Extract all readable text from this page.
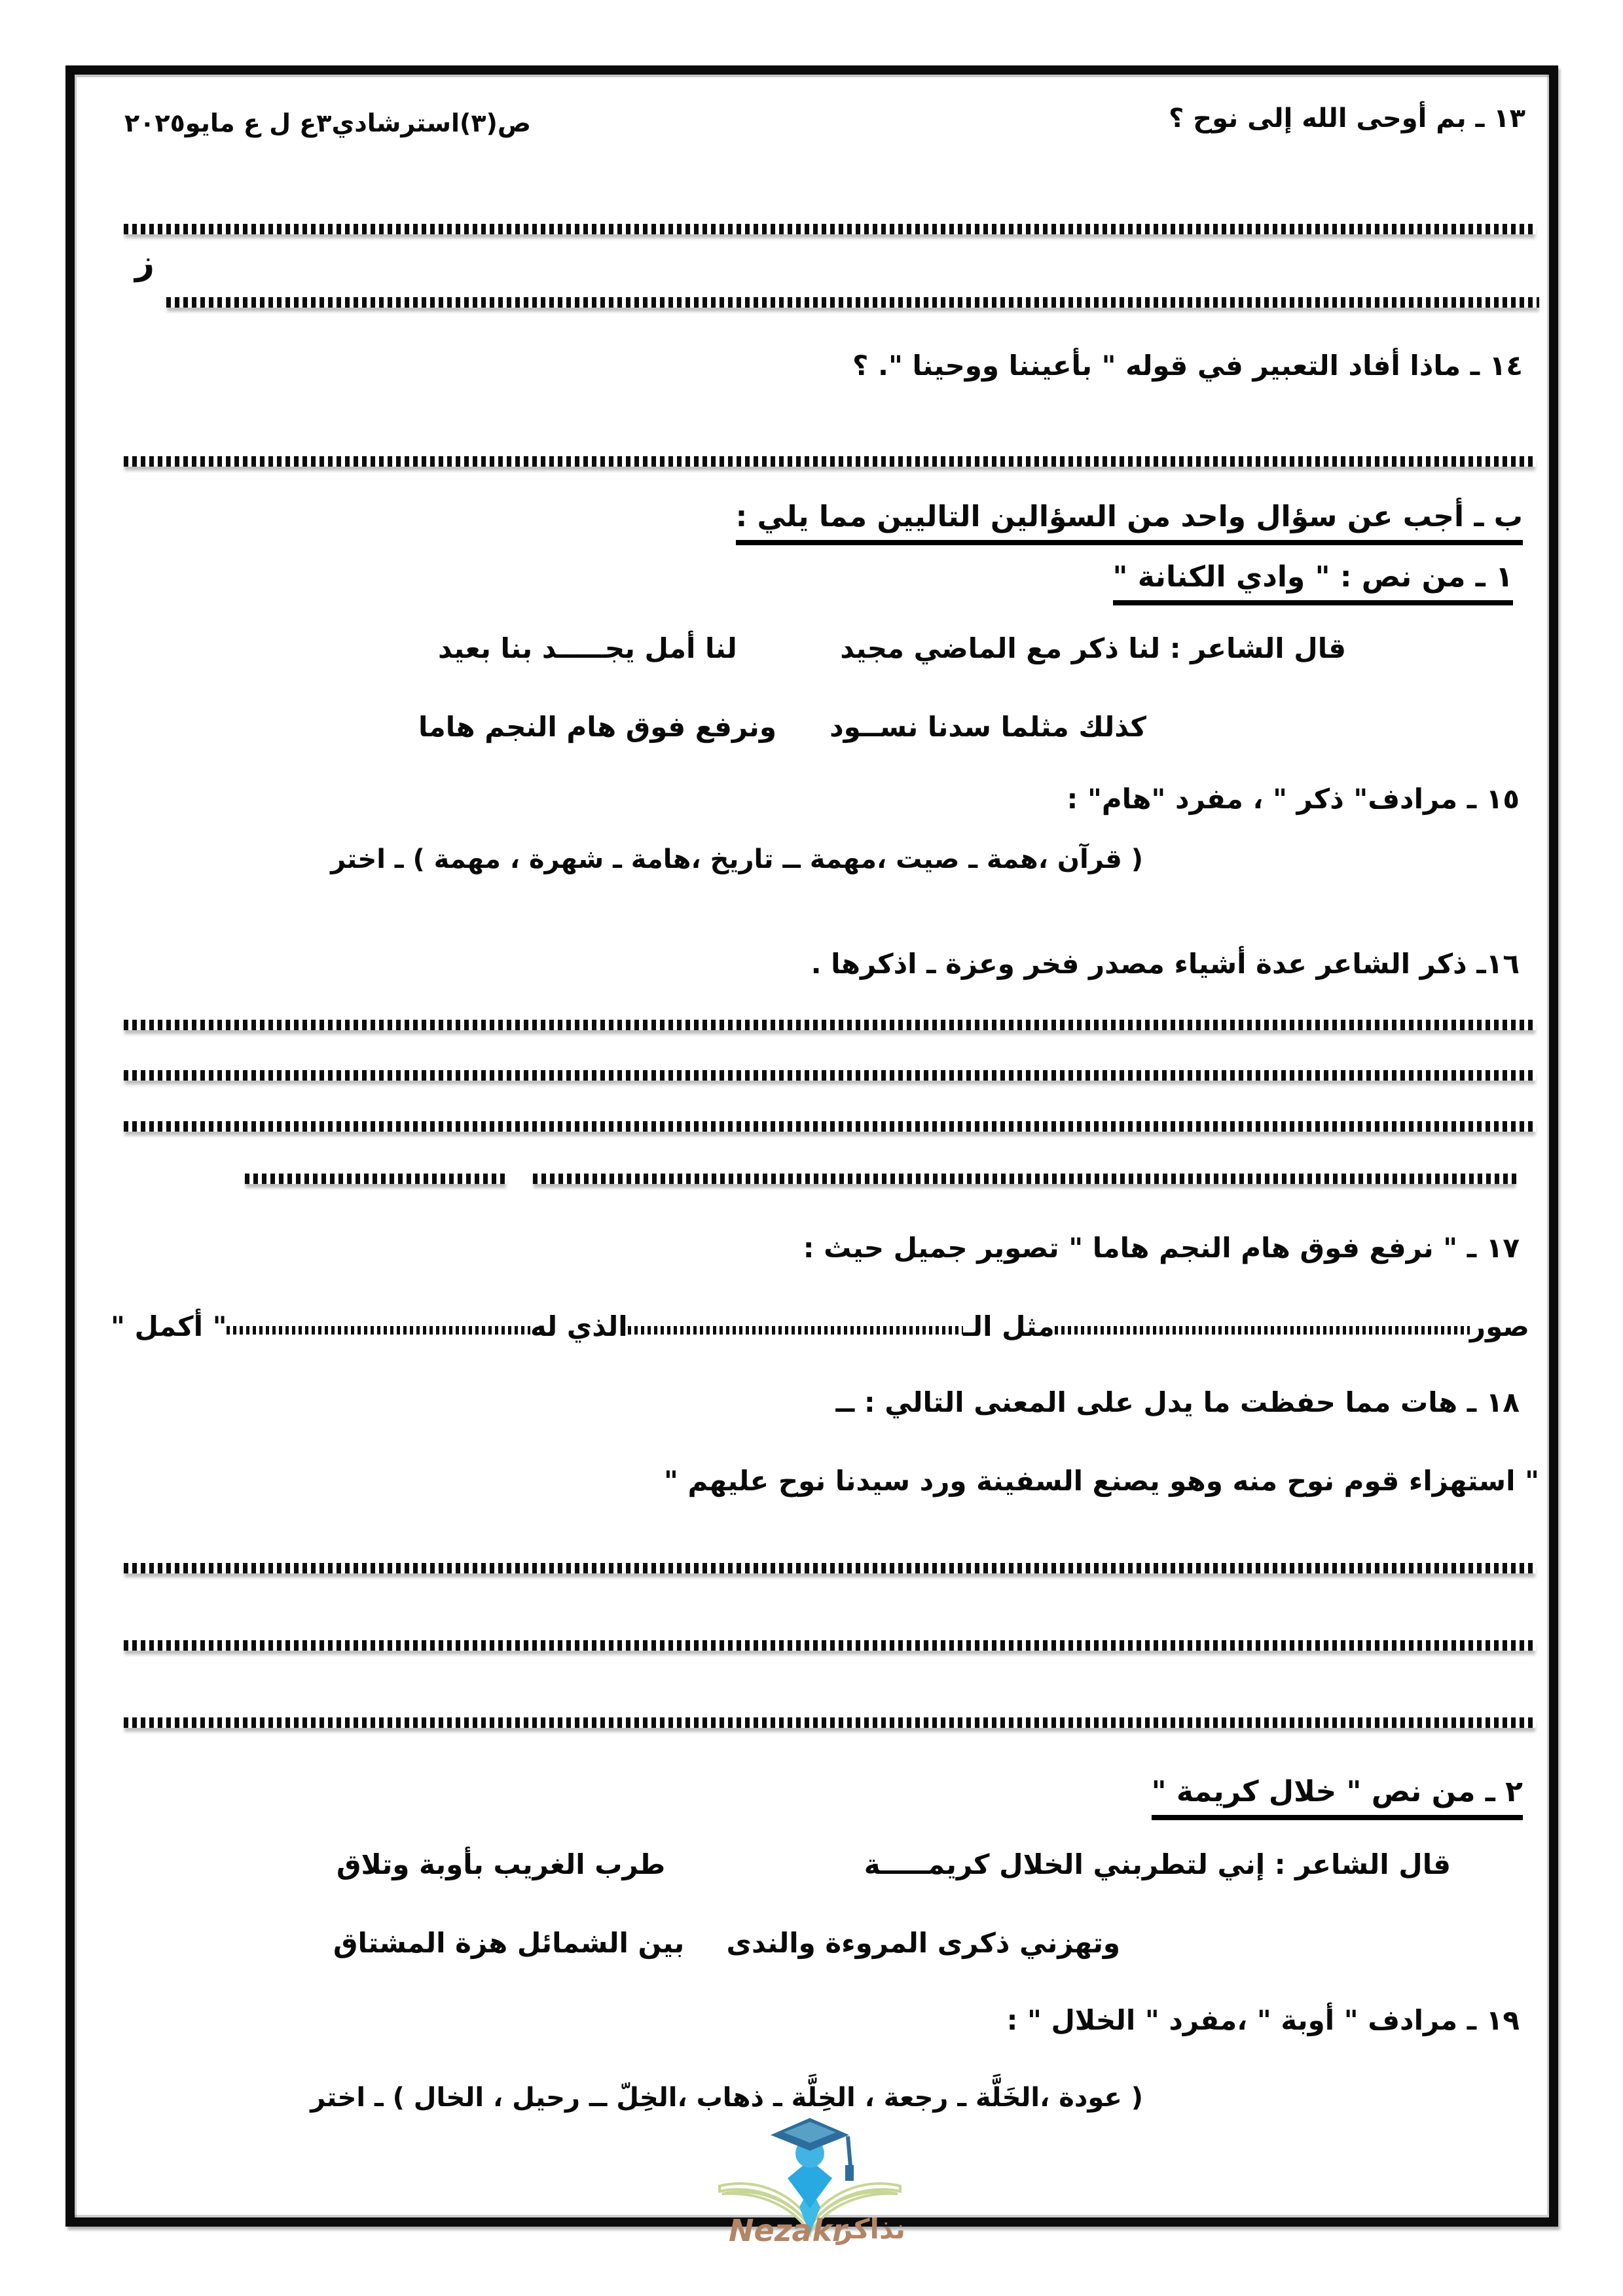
١٣ ـ بم أوحى الله إلى نوح ؟
ص(٣)استرشادي٣ع ل ع مايو٢٠٢٥
ز
١٤ ـ ماذا أفاد التعبير في قوله " بأعيننا ووحينا ". ؟
ب ـ أجب عن سؤال واحد من السؤالين التاليين مما يلي :
١ ـ من نص : " وادي الكنانة "
قال الشاعر : لنا ذكر مع الماضي مجيد
لنا أمل يجـــــد بنا بعيد
كذلك مثلما سدنا نســود
ونرفع فوق هام النجم هاما
١٥ ـ مرادف" ذكر " ، مفرد "هام" :
( قرآن ،همة ـ صيت ،مهمة ــ تاريخ ،هامة ـ شهرة ، مهمة ) ـ اختر
١٦ـ ذكر الشاعر عدة أشياء مصدر فخر وعزة ـ اذكرها .
١٧ ـ " نرفع فوق هام النجم هاما " تصوير جميل حيث :
صور
مثل الـ
الذي له
" أكمل "
١٨ ـ هات مما حفظت ما يدل على المعنى التالي : ــ
" استهزاء قوم نوح منه وهو يصنع السفينة ورد سيدنا نوح عليهم "
٢ ـ من نص " خلال كريمة "
قال الشاعر : إني لتطربني الخلال كريمـــــة
طرب الغريب بأوبة وتلاق
وتهزني ذكرى المروءة والندى
بين الشمائل هزة المشتاق
١٩ ـ مرادف " أوبة " ،مفرد " الخلال " :
( عودة ،الخَلَّة ـ رجعة ، الخِلَّة ـ ذهاب ،الخِلّ ــ رحيل ، الخال ) ـ اختر
Nezakr
نذاكر
